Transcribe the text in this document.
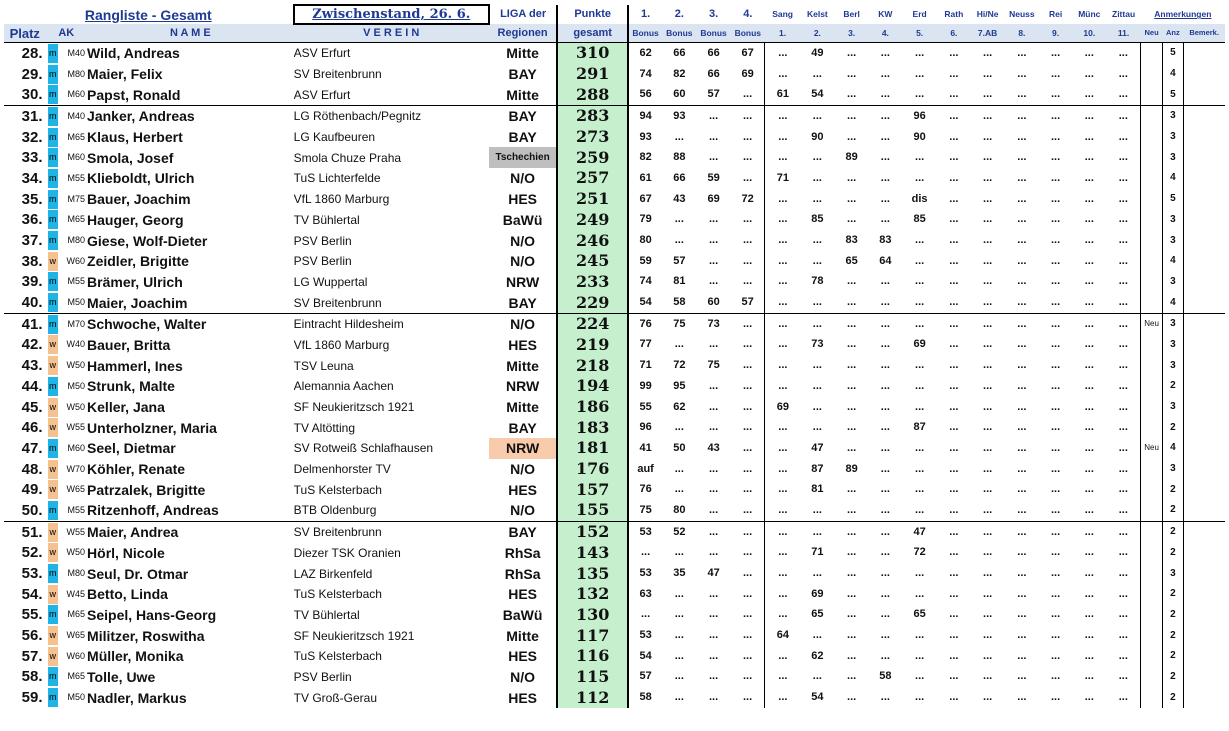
Rangliste - Gesamt				Zwischenstand, 26. 6.	LIGA der	Punkte	1.	2.	3.	4.	Sang	Kelst	Berl	KW	Erd	Rath	Hi/Ne	Neuss	Rei	Münc	Zittau	Anmerkungen		
Platz	AK		N A M E	V E R E I N	Regionen	gesamt	Bonus	Bonus	Bonus	Bonus	1.	2.	3.	4.	5.	6.	7.AB	8.	9.	10.	11.	Neu	Anz	Bemerk.
28.	m	M40	Wild, Andreas	ASV Erfurt	Mitte	310	62	66	66	67	...	49	...	...	...	...	...	...	...	...	...		5	
29.	m	M80	Maier, Felix	SV Breitenbrunn	BAY	291	74	82	66	69	...	...	...	...	...	...	...	...	...	...	...		4	
30.	m	M60	Papst, Ronald	ASV Erfurt	Mitte	288	56	60	57	...	61	54	...	...	...	...	...	...	...	...	...		5	
31.	m	M40	Janker, Andreas	LG Röthenbach/Pegnitz	BAY	283	94	93	...	...	...	...	...	...	96	...	...	...	...	...	...		3	
32.	m	M65	Klaus, Herbert	LG Kaufbeuren	BAY	273	93	...	...	...	...	90	...	...	90	...	...	...	...	...	...		3	
33.	m	M60	Smola, Josef	Smola Chuze Praha	Tschechien	259	82	88	...	...	...	...	89	...	...	...	...	...	...	...	...		3	
34.	m	M55	Klieboldt, Ulrich	TuS Lichterfelde	N/O	257	61	66	59	...	71	...	...	...	...	...	...	...	...	...	...		4	
35.	m	M75	Bauer, Joachim	VfL 1860 Marburg	HES	251	67	43	69	72	...	...	...	...	dis	...	...	...	...	...	...		5	
36.	m	M65	Hauger, Georg	TV Bühlertal	BaWü	249	79	...	...	...	...	85	...	...	85	...	...	...	...	...	...		3	
37.	m	M80	Giese, Wolf-Dieter	PSV Berlin	N/O	246	80	...	...	...	...	...	83	83	...	...	...	...	...	...	...		3	
38.	w	W60	Zeidler, Brigitte	PSV Berlin	N/O	245	59	57	...	...	...	...	65	64	...	...	...	...	...	...	...		4	
39.	m	M55	Brämer, Ulrich	LG Wuppertal	NRW	233	74	81	...	...	...	78	...	...	...	...	...	...	...	...	...		3	
40.	m	M50	Maier, Joachim	SV Breitenbrunn	BAY	229	54	58	60	57	...	...	...	...	...	...	...	...	...	...	...		4	
41.	m	M70	Schwoche, Walter	Eintracht Hildesheim	N/O	224	76	75	73	...	...	...	...	...	...	...	...	...	...	...	...	Neu	3	
42.	w	W40	Bauer, Britta	VfL 1860 Marburg	HES	219	77	...	...	...	...	73	...	...	69	...	...	...	...	...	...		3	
43.	w	W50	Hammerl, Ines	TSV Leuna	Mitte	218	71	72	75	...	...	...	...	...	...	...	...	...	...	...	...		3	
44.	m	M50	Strunk, Malte	Alemannia Aachen	NRW	194	99	95	...	...	...	...	...	...	...	...	...	...	...	...	...		2	
45.	w	W50	Keller, Jana	SF Neukieritzsch 1921	Mitte	186	55	62	...	...	69	...	...	...	...	...	...	...	...	...	...		3	
46.	w	W55	Unterholzner, Maria	TV Altötting	BAY	183	96	...	...	...	...	...	...	...	87	...	...	...	...	...	...		2	
47.	m	M60	Seel, Dietmar	SV Rotweiß Schlafhausen	NRW	181	41	50	43	...	...	47	...	...	...	...	...	...	...	...	...	Neu	4	
48.	w	W70	Köhler, Renate	Delmenhorster TV	N/O	176	auf	...	...	...	...	87	89	...	...	...	...	...	...	...	...		3	
49.	w	W65	Patrzalek, Brigitte	TuS Kelsterbach	HES	157	76	...	...	...	...	81	...	...	...	...	...	...	...	...	...		2	
50.	m	M55	Ritzenhoff, Andreas	BTB Oldenburg	N/O	155	75	80	...	...	...	...	...	...	...	...	...	...	...	...	...		2	
51.	w	W55	Maier, Andrea	SV Breitenbrunn	BAY	152	53	52	...	...	...	...	...	...	47	...	...	...	...	...	...		2	
52.	w	W50	Hörl, Nicole	Diezer TSK Oranien	RhSa	143	...	...	...	...	...	71	...	...	72	...	...	...	...	...	...		2	
53.	m	M80	Seul, Dr. Otmar	LAZ Birkenfeld	RhSa	135	53	35	47	...	...	...	...	...	...	...	...	...	...	...	...		3	
54.	w	W45	Betto, Linda	TuS Kelsterbach	HES	132	63	...	...	...	...	69	...	...	...	...	...	...	...	...	...		2	
55.	m	M65	Seipel, Hans-Georg	TV Bühlertal	BaWü	130	...	...	...	...	...	65	...	...	65	...	...	...	...	...	...		2	
56.	w	W65	Militzer, Roswitha	SF Neukieritzsch 1921	Mitte	117	53	...	...	...	64	...	...	...	...	...	...	...	...	...	...		2	
57.	w	W60	Müller, Monika	TuS Kelsterbach	HES	116	54	...	...	...	...	62	...	...	...	...	...	...	...	...	...		2	
58.	m	M65	Tolle, Uwe	PSV Berlin	N/O	115	57	...	...	...	...	...	...	58	...	...	...	...	...	...	...		2	
59.	m	M50	Nadler, Markus	TV Groß-Gerau	HES	112	58	...	...	...	...	54	...	...	...	...	...	...	...	...	...		2	
